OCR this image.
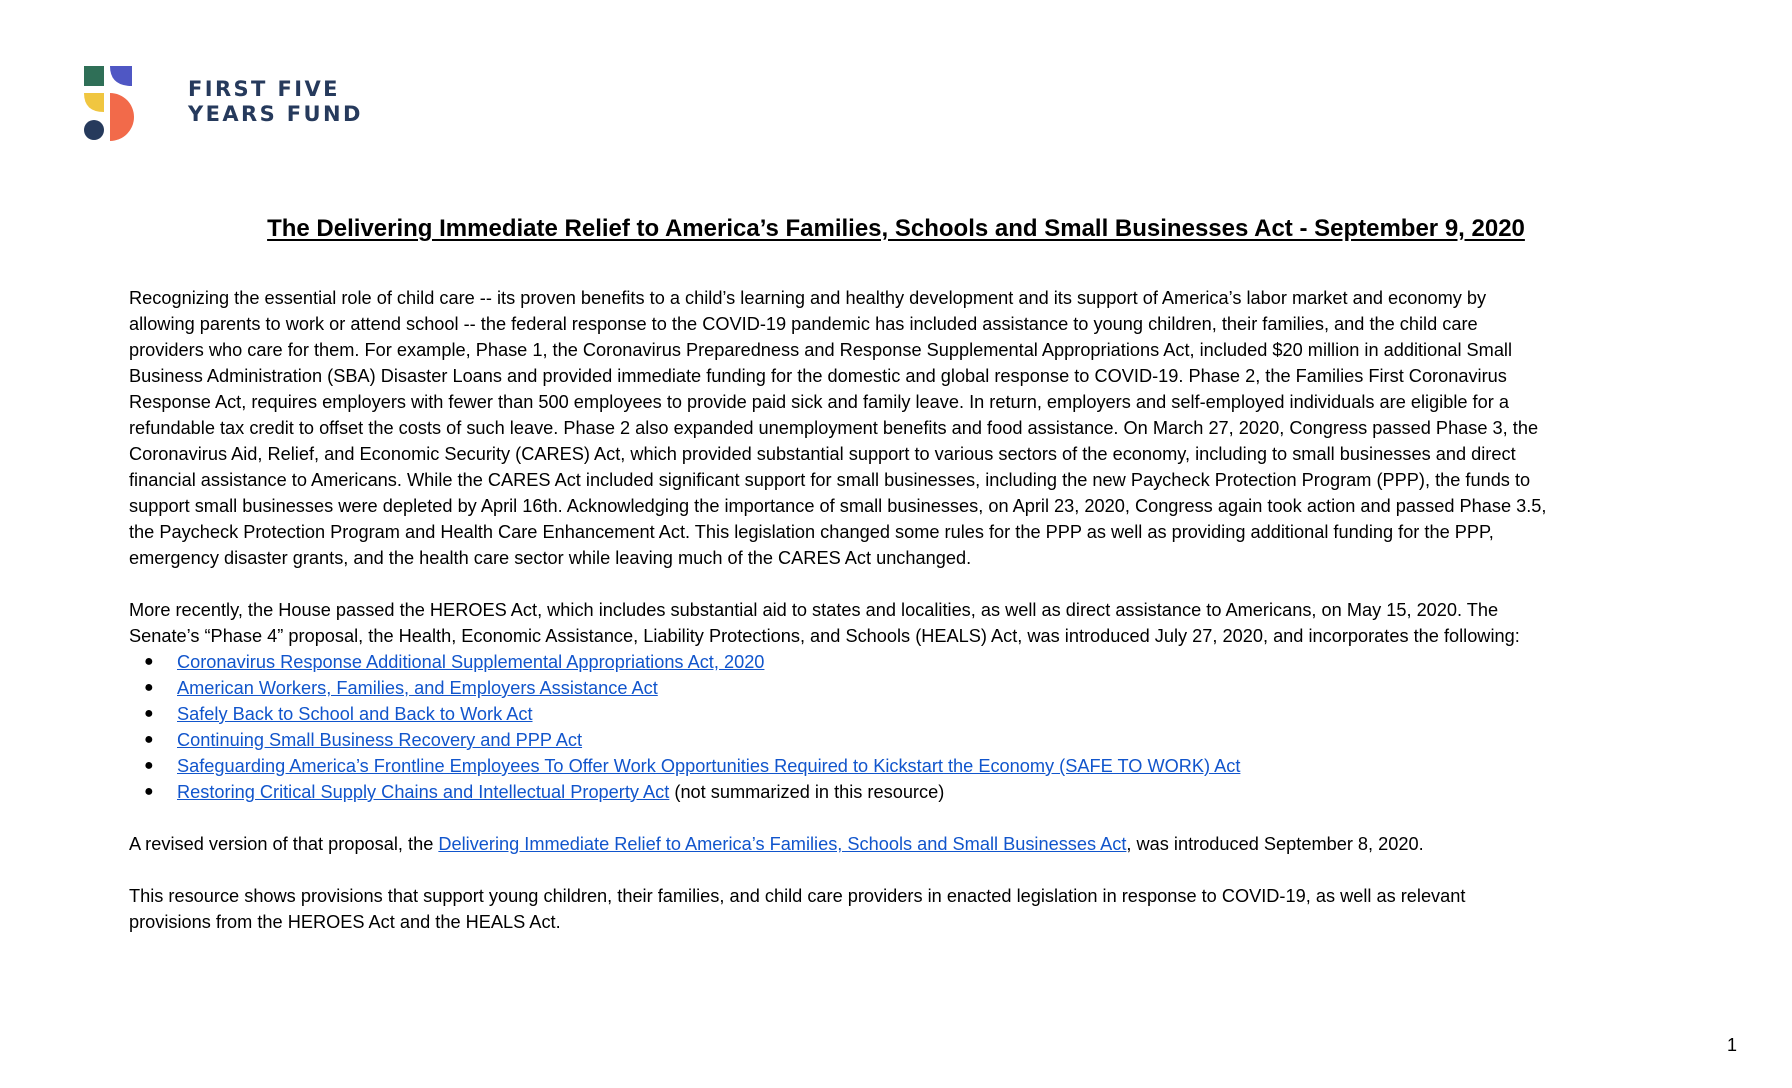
FIRST FIVE
YEARS FUND
The Delivering Immediate Relief to America’s Families, Schools and Small Businesses Act - September 9, 2020
Recognizing the essential role of child care -- its proven benefits to a child’s learning and healthy development and its support of America’s labor market and economy by
allowing parents to work or attend school -- the federal response to the COVID-19 pandemic has included assistance to young children, their families, and the child care
providers who care for them. For example, Phase 1, the Coronavirus Preparedness and Response Supplemental Appropriations Act, included $20 million in additional Small
Business Administration (SBA) Disaster Loans and provided immediate funding for the domestic and global response to COVID-19. Phase 2, the Families First Coronavirus
Response Act, requires employers with fewer than 500 employees to provide paid sick and family leave. In return, employers and self-employed individuals are eligible for a
refundable tax credit to offset the costs of such leave. Phase 2 also expanded unemployment benefits and food assistance. On March 27, 2020, Congress passed Phase 3, the
Coronavirus Aid, Relief, and Economic Security (CARES) Act, which provided substantial support to various sectors of the economy, including to small businesses and direct
financial assistance to Americans. While the CARES Act included significant support for small businesses, including the new Paycheck Protection Program (PPP), the funds to
support small businesses were depleted by April 16th. Acknowledging the importance of small businesses, on April 23, 2020, Congress again took action and passed Phase 3.5,
the Paycheck Protection Program and Health Care Enhancement Act. This legislation changed some rules for the PPP as well as providing additional funding for the PPP,
emergency disaster grants, and the health care sector while leaving much of the CARES Act unchanged.
More recently, the House passed the HEROES Act, which includes substantial aid to states and localities, as well as direct assistance to Americans, on May 15, 2020. The
Senate’s “Phase 4” proposal, the Health, Economic Assistance, Liability Protections, and Schools (HEALS) Act, was introduced July 27, 2020, and incorporates the following:
● Coronavirus Response Additional Supplemental Appropriations Act, 2020
● American Workers, Families, and Employers Assistance Act
● Safely Back to School and Back to Work Act
● Continuing Small Business Recovery and PPP Act
● Safeguarding America’s Frontline Employees To Offer Work Opportunities Required to Kickstart the Economy (SAFE TO WORK) Act
● Restoring Critical Supply Chains and Intellectual Property Act (not summarized in this resource)

A revised version of that proposal, the Delivering Immediate Relief to America’s Families, Schools and Small Businesses Act, was introduced September 8, 2020.

This resource shows provisions that support young children, their families, and child care providers in enacted legislation in response to COVID-19, as well as relevant
provisions from the HEROES Act and the HEALS Act.
1
